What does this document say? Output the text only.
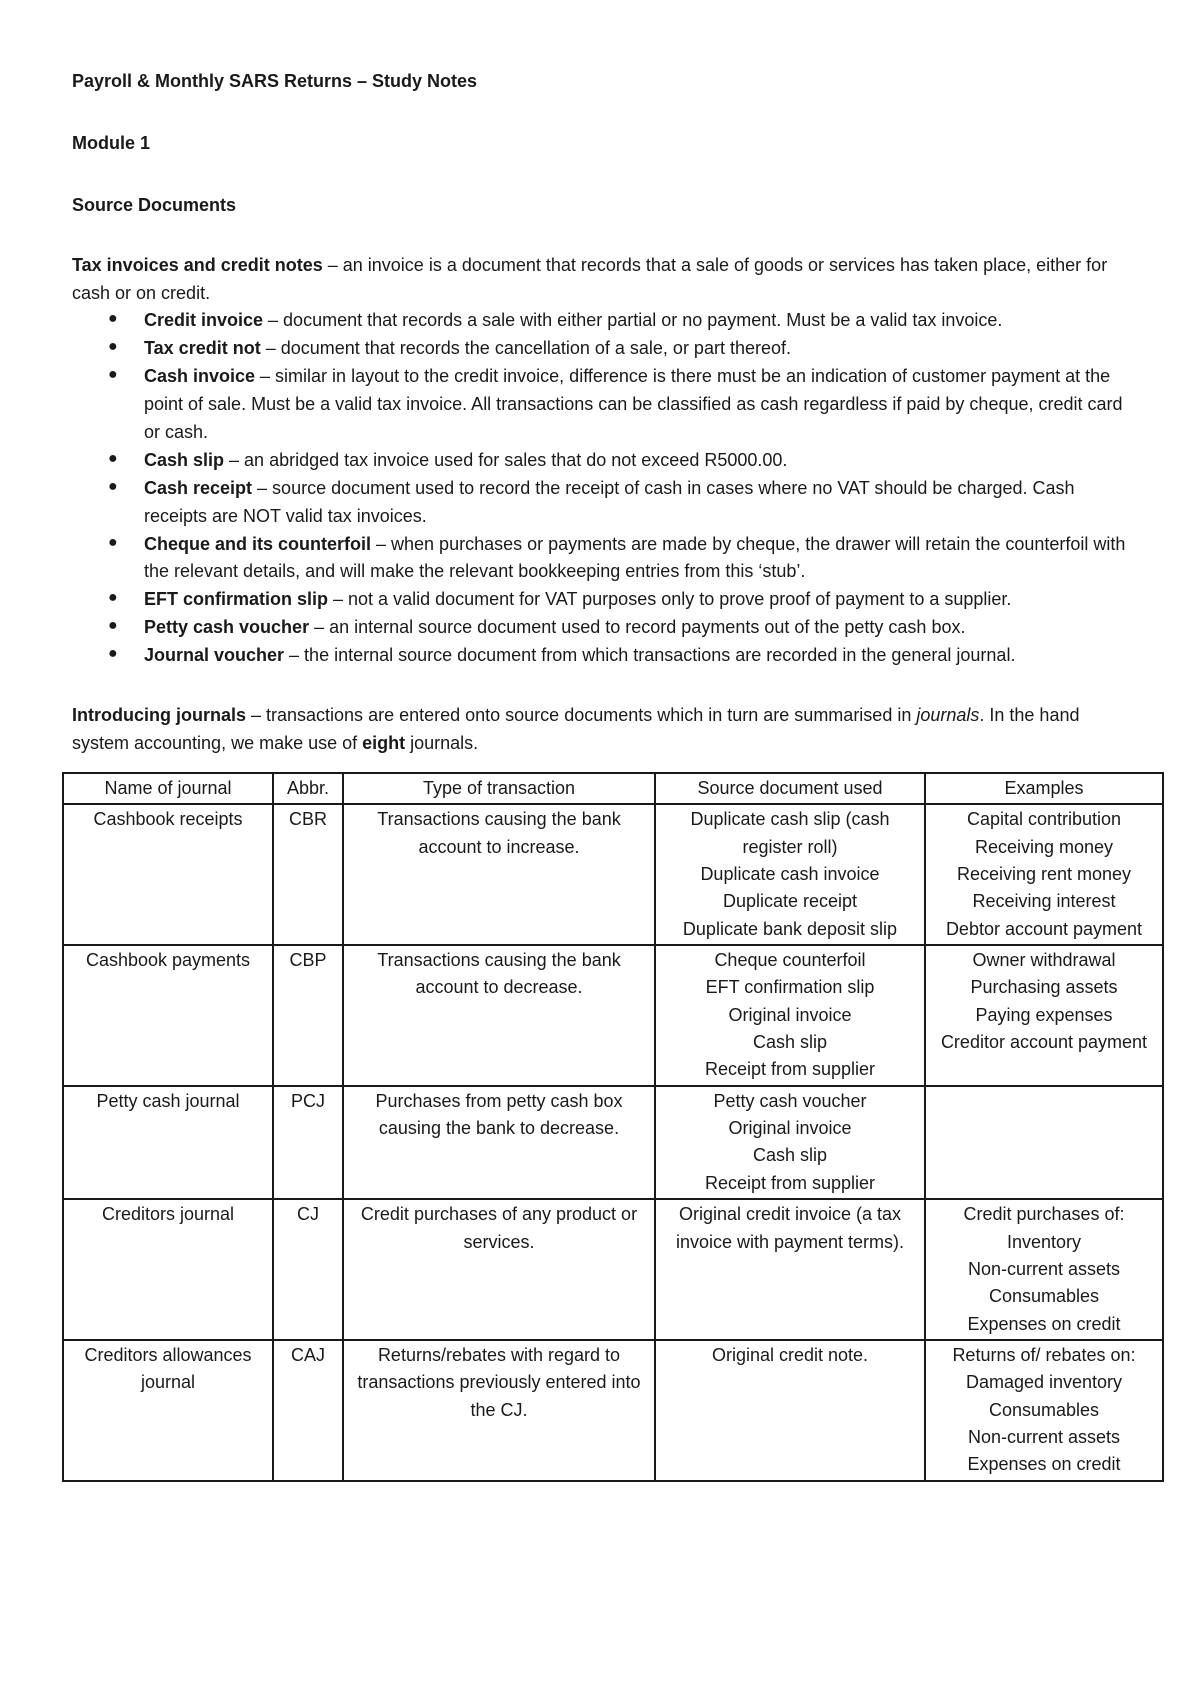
Payroll & Monthly SARS Returns – Study Notes

Module 1

Source Documents

Tax invoices and credit notes – an invoice is a document that records that a sale of goods or services has taken place, either for cash or on credit.

● Credit invoice – document that records a sale with either partial or no payment. Must be a valid tax invoice.
● Tax credit not – document that records the cancellation of a sale, or part thereof.
● Cash invoice – similar in layout to the credit invoice, difference is there must be an indication of customer payment at the point of sale. Must be a valid tax invoice. All transactions can be classified as cash regardless if paid by cheque, credit card or cash.
● Cash slip – an abridged tax invoice used for sales that do not exceed R5000.00.
● Cash receipt – source document used to record the receipt of cash in cases where no VAT should be charged. Cash receipts are NOT valid tax invoices.
● Cheque and its counterfoil – when purchases or payments are made by cheque, the drawer will retain the counterfoil with the relevant details, and will make the relevant bookkeeping entries from this ‘stub’.
● EFT confirmation slip – not a valid document for VAT purposes only to prove proof of payment to a supplier.
● Petty cash voucher – an internal source document used to record payments out of the petty cash box.
● Journal voucher – the internal source document from which transactions are recorded in the general journal.

Introducing journals – transactions are entered onto source documents which in turn are summarised in journals. In the hand system accounting, we make use of eight journals.

Name of journal	Abbr.	Type of transaction	Source document used	Examples
Cashbook receipts	CBR	Transactions causing the bank account to increase.	Duplicate cash slip (cash register roll)
Duplicate cash invoice
Duplicate receipt
Duplicate bank deposit slip	Capital contribution
Receiving money
Receiving rent money
Receiving interest
Debtor account payment

Cashbook payments	CBP	Transactions causing the bank account to decrease.	Cheque counterfoil
EFT confirmation slip
Original invoice
Cash slip
Receipt from supplier	Owner withdrawal
Purchasing assets
Paying expenses
Creditor account payment

Petty cash journal	PCJ	Purchases from petty cash box causing the bank to decrease.	Petty cash voucher
Original invoice
Cash slip
Receipt from supplier	

Creditors journal	CJ	Credit purchases of any product or services.	Original credit invoice (a tax invoice with payment terms).	Credit purchases of:
Inventory
Non-current assets
Consumables
Expenses on credit

Creditors allowances journal	CAJ	Returns/rebates with regard to transactions previously entered into the CJ.	Original credit note.	Returns of/ rebates on:
Damaged inventory
Consumables
Non-current assets
Expenses on credit
